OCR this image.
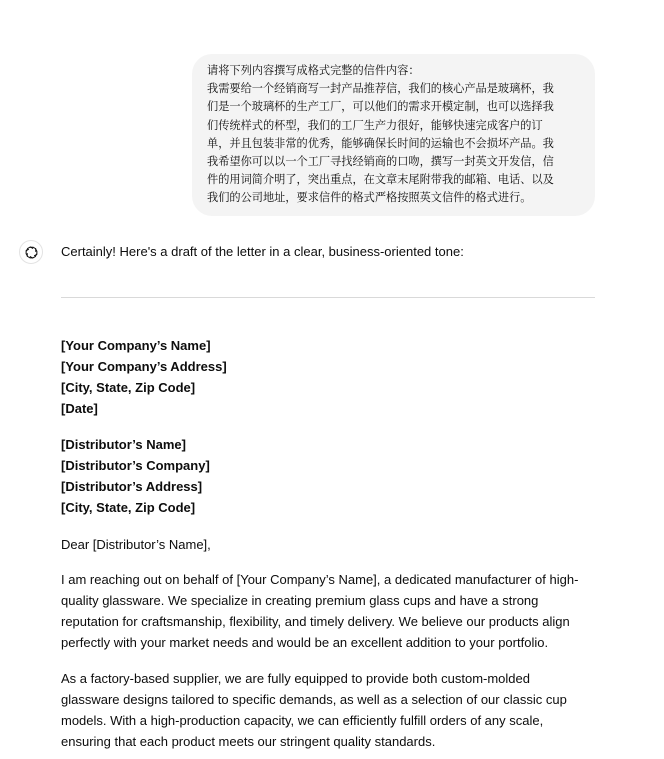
请将下列内容撰写成格式完整的信件内容：
我需要给一个经销商写一封产品推荐信，我们的核心产品是玻璃杯，我
们是一个玻璃杯的生产工厂，可以他们的需求开模定制，也可以选择我
们传统样式的杯型，我们的工厂生产力很好，能够快速完成客户的订
单，并且包装非常的优秀，能够确保长时间的运输也不会损坏产品。我
我希望你可以以一个工厂寻找经销商的口吻，撰写一封英文开发信，信
件的用词简介明了，突出重点，在文章末尾附带我的邮箱、电话、以及
我们的公司地址，要求信件的格式严格按照英文信件的格式进行。
Certainly! Here's a draft of the letter in a clear, business-oriented tone:
[Your Company’s Name]
[Your Company’s Address]
[City, State, Zip Code]
[Date]
[Distributor’s Name]
[Distributor’s Company]
[Distributor’s Address]
[City, State, Zip Code]
Dear [Distributor’s Name],
I am reaching out on behalf of [Your Company’s Name], a dedicated manufacturer of high-
quality glassware. We specialize in creating premium glass cups and have a strong
reputation for craftsmanship, flexibility, and timely delivery. We believe our products align
perfectly with your market needs and would be an excellent addition to your portfolio.
As a factory-based supplier, we are fully equipped to provide both custom-molded
glassware designs tailored to specific demands, as well as a selection of our classic cup
models. With a high-production capacity, we can efficiently fulfill orders of any scale,
ensuring that each product meets our stringent quality standards.
